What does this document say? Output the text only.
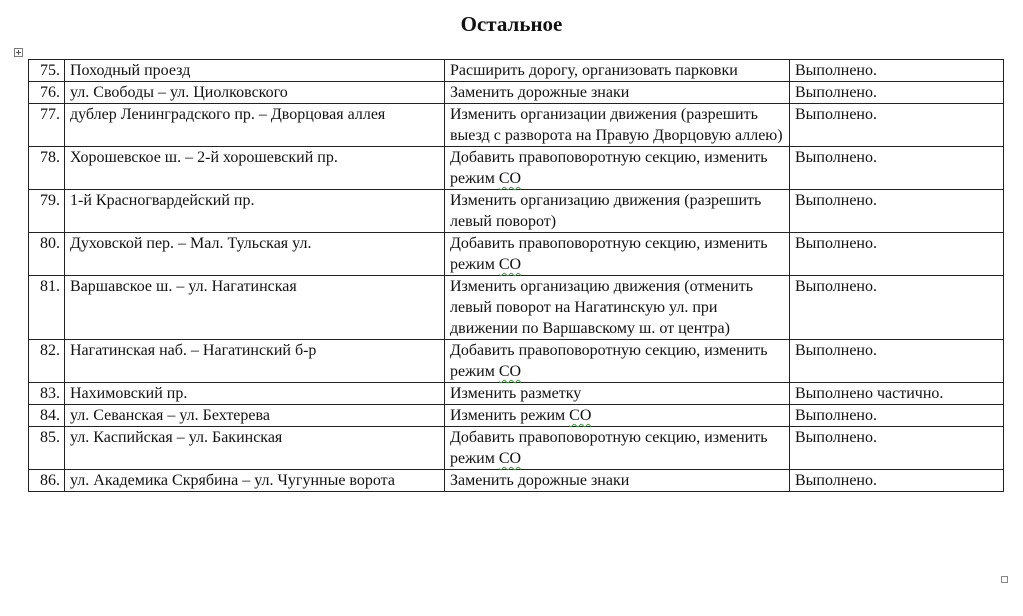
Остальное
75.	Походный проезд	Расширить дорогу, организовать парковки	Выполнено.
76.	ул. Свободы – ул. Циолковского	Заменить дорожные знаки	Выполнено.
77.	дублер Ленинградского пр. – Дворцовая аллея	Изменить организации движения (разрешить выезд с разворота на Правую Дворцовую аллею)	Выполнено.
78.	Хорошевское ш. – 2-й хорошевский пр.	Добавить правоповоротную секцию, изменить режим СО	Выполнено.
79.	1-й Красногвардейский пр.	Изменить организацию движения (разрешить левый поворот)	Выполнено.
80.	Духовской пер. – Мал. Тульская ул.	Добавить правоповоротную секцию, изменить режим СО	Выполнено.
81.	Варшавское ш. – ул. Нагатинская	Изменить организацию движения (отменить левый поворот на Нагатинскую ул. при движении по Варшавскому ш. от центра)	Выполнено.
82.	Нагатинская наб. – Нагатинский б-р	Добавить правоповоротную секцию, изменить режим СО	Выполнено.
83.	Нахимовский пр.	Изменить разметку	Выполнено частично.
84.	ул. Севанская – ул. Бехтерева	Изменить режим СО	Выполнено.
85.	ул. Каспийская – ул. Бакинская	Добавить правоповоротную секцию, изменить режим СО	Выполнено.
86.	ул. Академика Скрябина – ул. Чугунные ворота	Заменить дорожные знаки	Выполнено.
